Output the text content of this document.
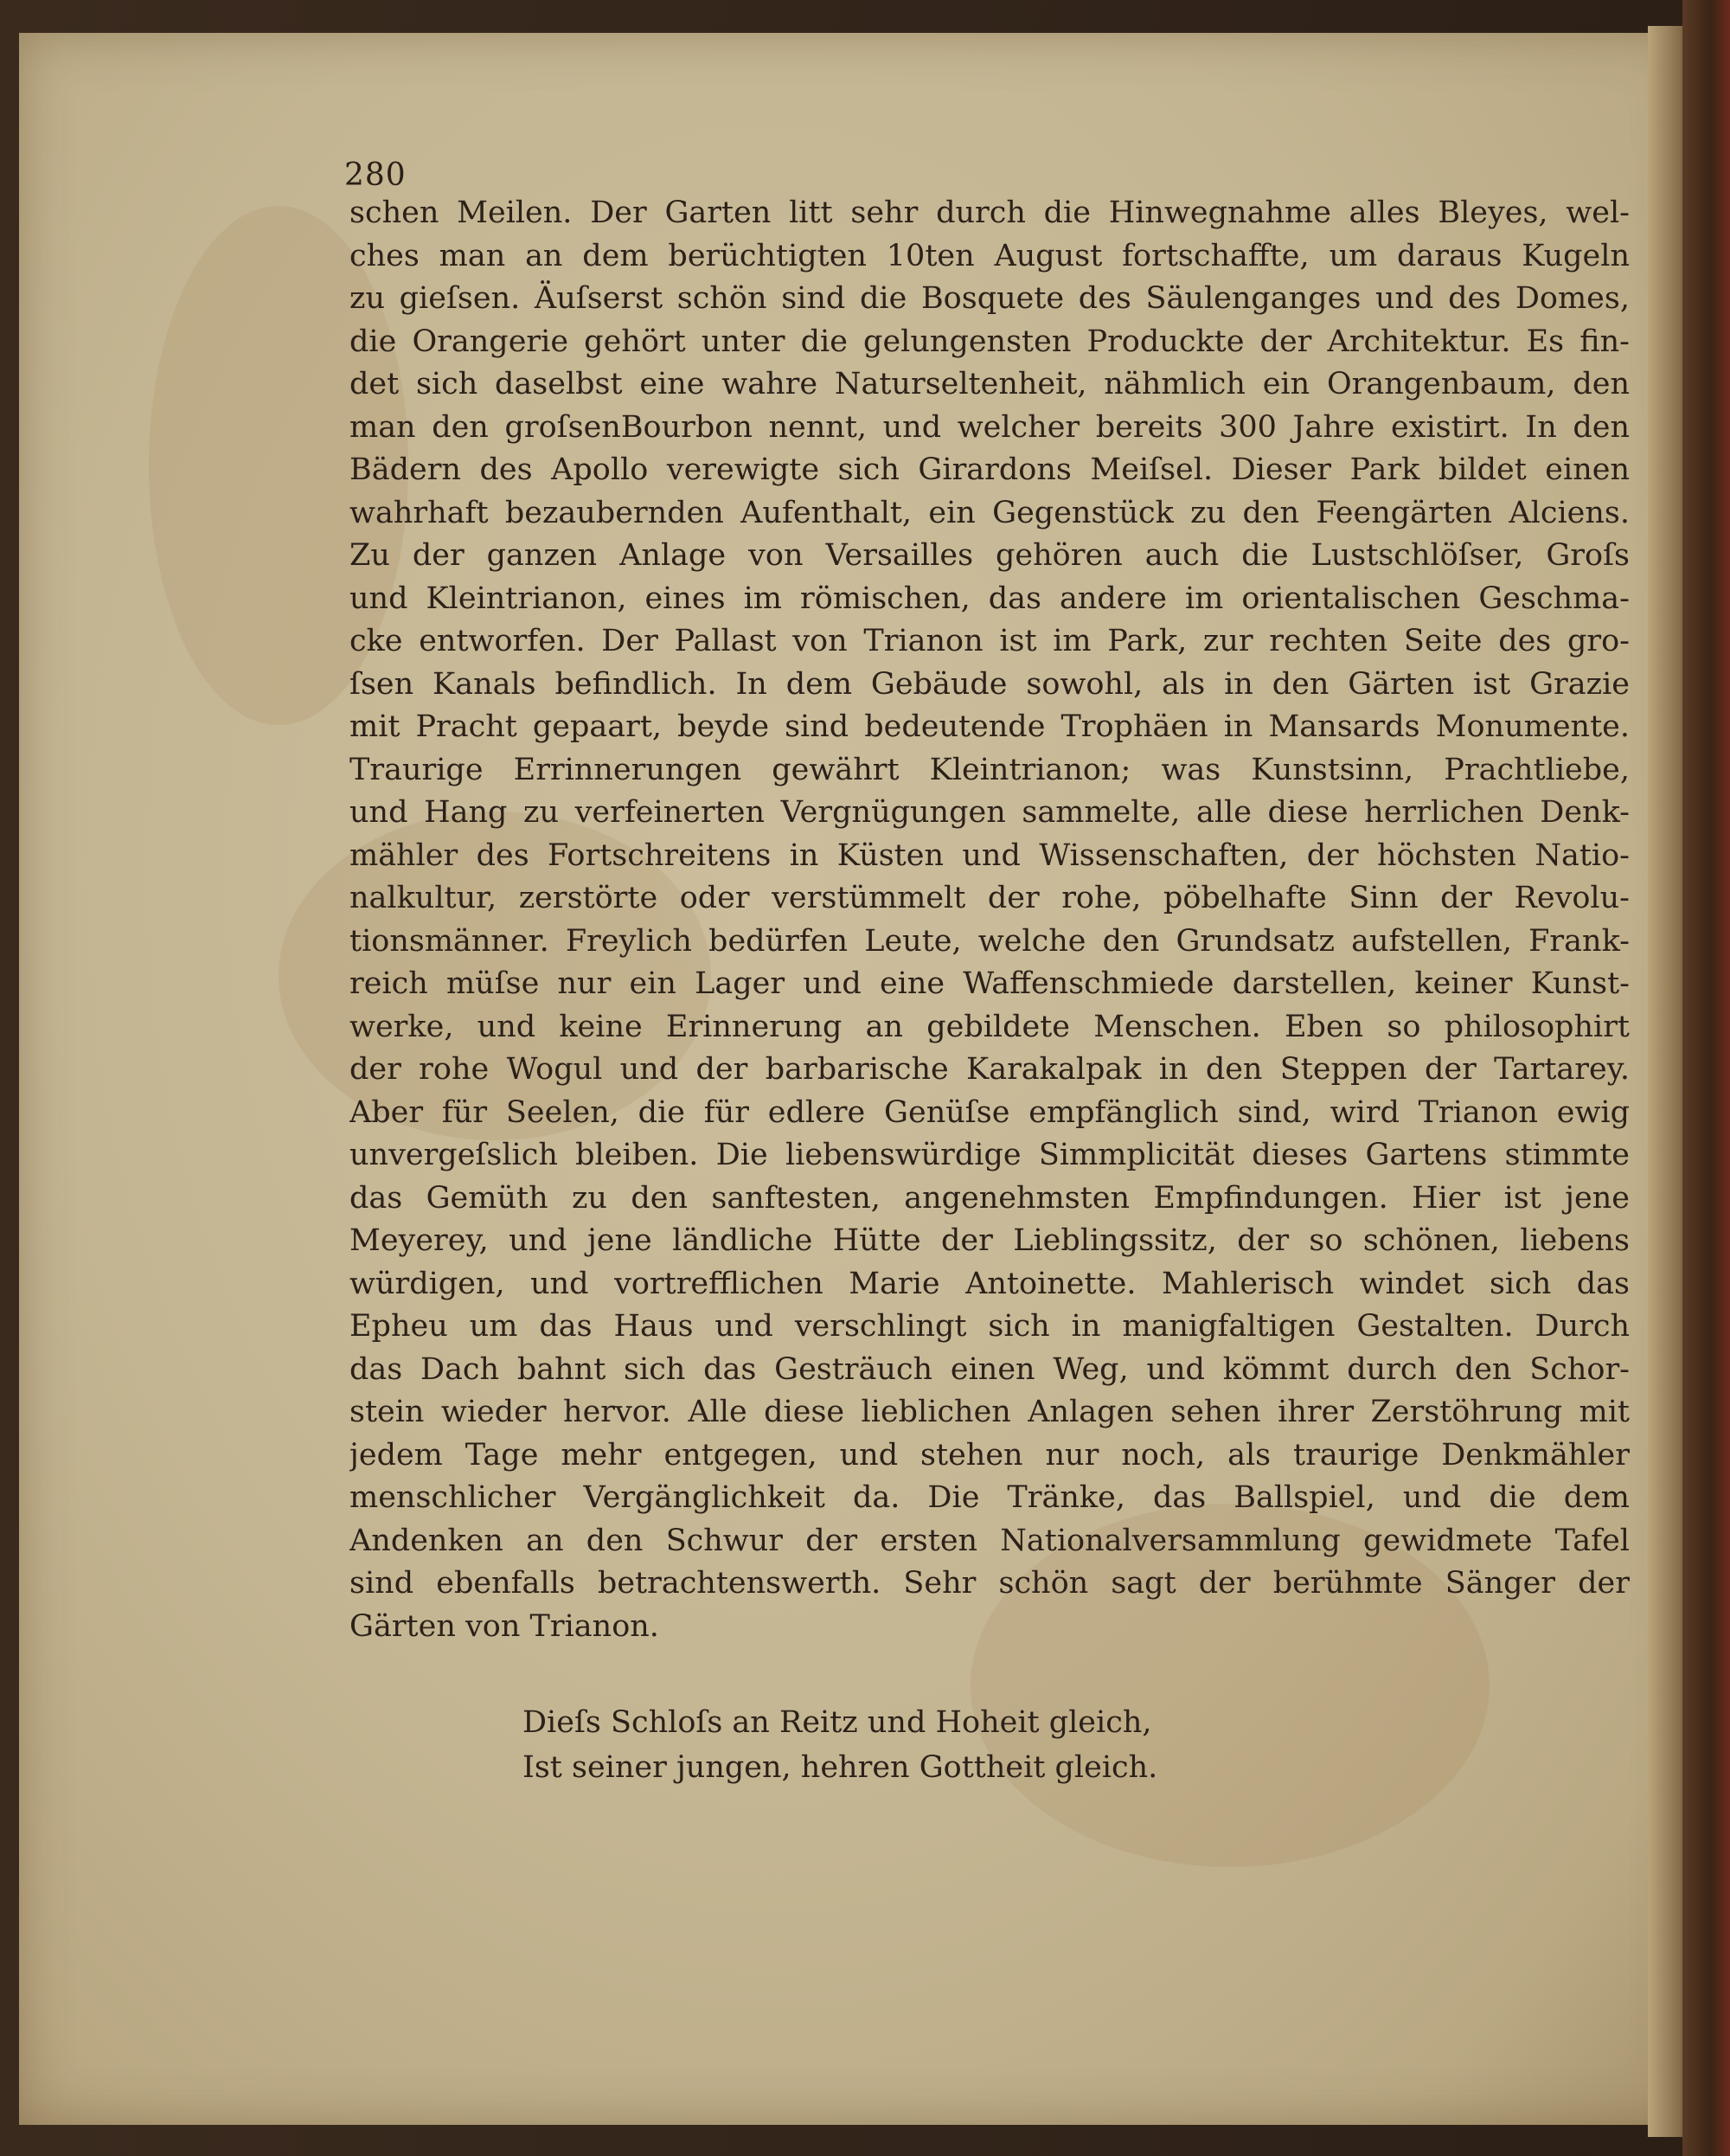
280
schen Meilen. Der Garten litt sehr durch die Hinwegnahme alles Bleyes, wel-
ches man an dem berüchtigten 10ten August fortschaffte, um daraus Kugeln
zu gieſsen. Äuſserst schön sind die Bosquete des Säulenganges und des Domes,
die Orangerie gehört unter die gelungensten Produckte der Architektur. Es fin-
det sich daselbst eine wahre Naturseltenheit, nähmlich ein Orangenbaum, den
man den groſsenBourbon nennt, und welcher bereits 300 Jahre existirt. In den
Bädern des Apollo verewigte sich Girardons Meiſsel. Dieser Park bildet einen
wahrhaft bezaubernden Aufenthalt, ein Gegenstück zu den Feengärten Alciens.
Zu der ganzen Anlage von Versailles gehören auch die Lustschlöſser, Groſs
und Kleintrianon, eines im römischen, das andere im orientalischen Geschma-
cke entworfen. Der Pallast von Trianon ist im Park, zur rechten Seite des gro-
ſsen Kanals befindlich. In dem Gebäude sowohl, als in den Gärten ist Grazie
mit Pracht gepaart, beyde sind bedeutende Trophäen in Mansards Monumente.
Traurige Errinnerungen gewährt Kleintrianon; was Kunstsinn, Prachtliebe,
und Hang zu verfeinerten Vergnügungen sammelte, alle diese herrlichen Denk-
mähler des Fortschreitens in Küsten und Wissenschaften, der höchsten Natio-
nalkultur, zerstörte oder verstümmelt der rohe, pöbelhafte Sinn der Revolu-
tionsmänner. Freylich bedürfen Leute, welche den Grundsatz aufstellen, Frank-
reich müſse nur ein Lager und eine Waffenschmiede darstellen, keiner Kunst-
werke, und keine Erinnerung an gebildete Menschen. Eben so philosophirt
der rohe Wogul und der barbarische Karakalpak in den Steppen der Tartarey.
Aber für Seelen, die für edlere Genüſse empfänglich sind, wird Trianon ewig
unvergeſslich bleiben. Die liebenswürdige Simmplicität dieses Gartens stimmte
das Gemüth zu den sanftesten, angenehmsten Empfindungen. Hier ist jene
Meyerey, und jene ländliche Hütte der Lieblingssitz, der so schönen, liebens
würdigen, und vortrefflichen Marie Antoinette. Mahlerisch windet sich das
Epheu um das Haus und verschlingt sich in manigfaltigen Gestalten. Durch
das Dach bahnt sich das Gesträuch einen Weg, und kömmt durch den Schor-
stein wieder hervor. Alle diese lieblichen Anlagen sehen ihrer Zerstöhrung mit
jedem Tage mehr entgegen, und stehen nur noch, als traurige Denkmähler
menschlicher Vergänglichkeit da. Die Tränke, das Ballspiel, und die dem
Andenken an den Schwur der ersten Nationalversammlung gewidmete Tafel
sind ebenfalls betrachtenswerth. Sehr schön sagt der berühmte Sänger der
Gärten von Trianon.
Dieſs Schloſs an Reitz und Hoheit gleich,
Ist seiner jungen, hehren Gottheit gleich.
